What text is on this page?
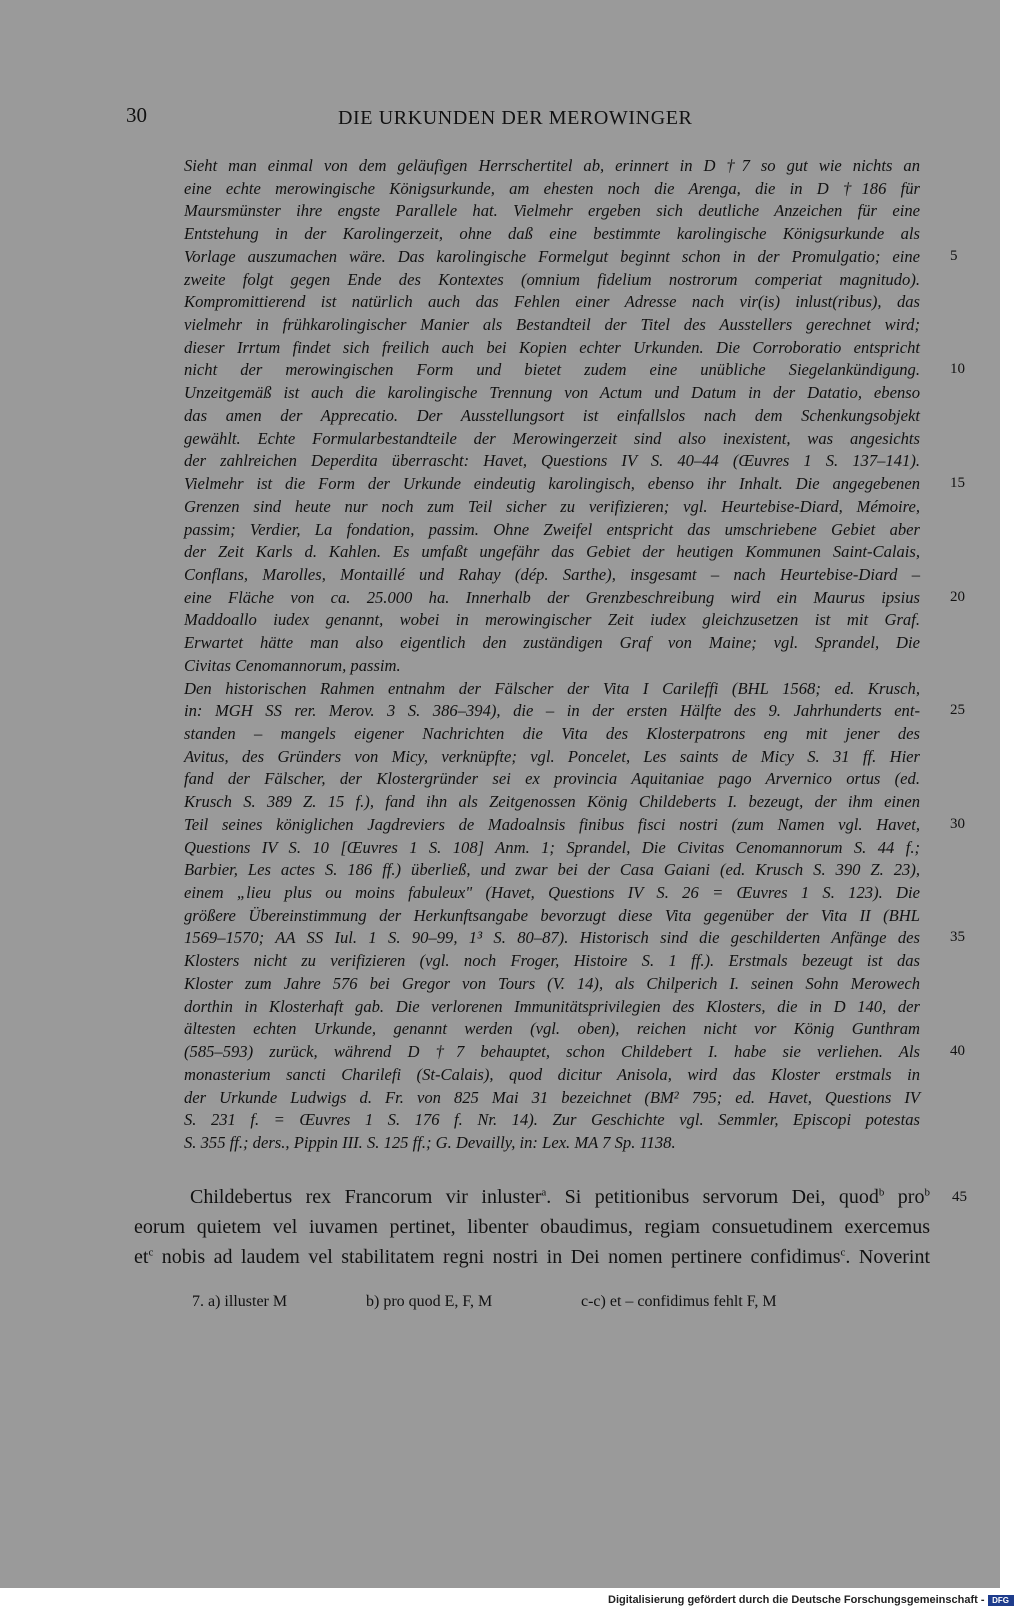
30	DIE URKUNDEN DER MEROWINGER
Sieht man einmal von dem geläufigen Herrschertitel ab, erinnert in D †7 so gut wie nichts an
eine echte merowingische Königsurkunde, am ehesten noch die Arenga, die in D †186 für
Maursmünster ihre engste Parallele hat. Vielmehr ergeben sich deutliche Anzeichen für eine
Entstehung in der Karolingerzeit, ohne daß eine bestimmte karolingische Königsurkunde als
Vorlage auszumachen wäre. Das karolingische Formelgut beginnt schon in der Promulgatio; eine
zweite folgt gegen Ende des Kontextes (omnium fidelium nostrorum comperiat magnitudo).
Kompromittierend ist natürlich auch das Fehlen einer Adresse nach vir(is) inlust(ribus), das
vielmehr in frühkarolingischer Manier als Bestandteil der Titel des Ausstellers gerechnet wird;
dieser Irrtum findet sich freilich auch bei Kopien echter Urkunden. Die Corroboratio entspricht
nicht der merowingischen Form und bietet zudem eine unübliche Siegelankündigung.
Unzeitgemäß ist auch die karolingische Trennung von Actum und Datum in der Datatio, ebenso
das amen der Apprecatio. Der Ausstellungsort ist einfallslos nach dem Schenkungsobjekt
gewählt. Echte Formularbestandteile der Merowingerzeit sind also inexistent, was angesichts
der zahlreichen Deperdita überrascht: Havet, Questions IV S. 40–44 (Œuvres 1 S. 137–141).
Vielmehr ist die Form der Urkunde eindeutig karolingisch, ebenso ihr Inhalt. Die angegebenen
Grenzen sind heute nur noch zum Teil sicher zu verifizieren; vgl. Heurtebise-Diard, Mémoire,
passim; Verdier, La fondation, passim. Ohne Zweifel entspricht das umschriebene Gebiet aber
der Zeit Karls d. Kahlen. Es umfaßt ungefähr das Gebiet der heutigen Kommunen Saint-Calais,
Conflans, Marolles, Montaillé und Rahay (dép. Sarthe), insgesamt – nach Heurtebise-Diard –
eine Fläche von ca. 25.000 ha. Innerhalb der Grenzbeschreibung wird ein Maurus ipsius
Maddoallo iudex genannt, wobei in merowingischer Zeit iudex gleichzusetzen ist mit Graf.
Erwartet hätte man also eigentlich den zuständigen Graf von Maine; vgl. Sprandel, Die
Civitas Cenomannorum, passim.
Den historischen Rahmen entnahm der Fälscher der Vita I Carileffi (BHL 1568; ed. Krusch,
in: MGH SS rer. Merov. 3 S. 386–394), die – in der ersten Hälfte des 9. Jahrhunderts ent-
standen – mangels eigener Nachrichten die Vita des Klosterpatrons eng mit jener des
Avitus, des Gründers von Micy, verknüpfte; vgl. Poncelet, Les saints de Micy S. 31 ff. Hier
fand der Fälscher, der Klostergründer sei ex provincia Aquitaniae pago Arvernico ortus (ed.
Krusch S. 389 Z. 15 f.), fand ihn als Zeitgenossen König Childeberts I. bezeugt, der ihm einen
Teil seines königlichen Jagdreviers de Madoalnsis finibus fisci nostri (zum Namen vgl. Havet,
Questions IV S. 10 [Œuvres 1 S. 108] Anm. 1; Sprandel, Die Civitas Cenomannorum S. 44 f.;
Barbier, Les actes S. 186 ff.) überließ, und zwar bei der Casa Gaiani (ed. Krusch S. 390 Z. 23),
einem „lieu plus ou moins fabuleux" (Havet, Questions IV S. 26 = Œuvres 1 S. 123). Die
größere Übereinstimmung der Herkunftsangabe bevorzugt diese Vita gegenüber der Vita II (BHL
1569–1570; AA SS Iul. 1 S. 90–99, 1³ S. 80–87). Historisch sind die geschilderten Anfänge des
Klosters nicht zu verifizieren (vgl. noch Froger, Histoire S. 1 ff.). Erstmals bezeugt ist das
Kloster zum Jahre 576 bei Gregor von Tours (V. 14), als Chilperich I. seinen Sohn Merowech
dorthin in Klosterhaft gab. Die verlorenen Immunitätsprivilegien des Klosters, die in D 140, der
ältesten echten Urkunde, genannt werden (vgl. oben), reichen nicht vor König Gunthram
(585–593) zurück, während D †7 behauptet, schon Childebert I. habe sie verliehen. Als
monasterium sancti Charilefi (St-Calais), quod dicitur Anisola, wird das Kloster erstmals in
der Urkunde Ludwigs d. Fr. von 825 Mai 31 bezeichnet (BM² 795; ed. Havet, Questions IV
S. 231 f. = Œuvres 1 S. 176 f. Nr. 14). Zur Geschichte vgl. Semmler, Episcopi potestas
S. 355 ff.; ders., Pippin III. S. 125 ff.; G. Devailly, in: Lex. MA 7 Sp. 1138.
5
10
15
20
25
30
35
40
Childebertus rex Francorum vir inluster$^a$. Si petitionibus servorum Dei, quod$^b$ pro$^b$
eorum quietem vel iuvamen pertinet, libenter obaudimus, regiam consuetudinem exercemus
$et^c$ nobis ad laudem vel stabilitatem regni nostri in Dei nomen pertinere confidimus$^c$. Noverint
45
7. a) illuster M	b) pro quod E, F, M	c-c) et – confidimus fehlt F, M
Digitalisierung gefördert durch die Deutsche Forschungsgemeinschaft - DFG
